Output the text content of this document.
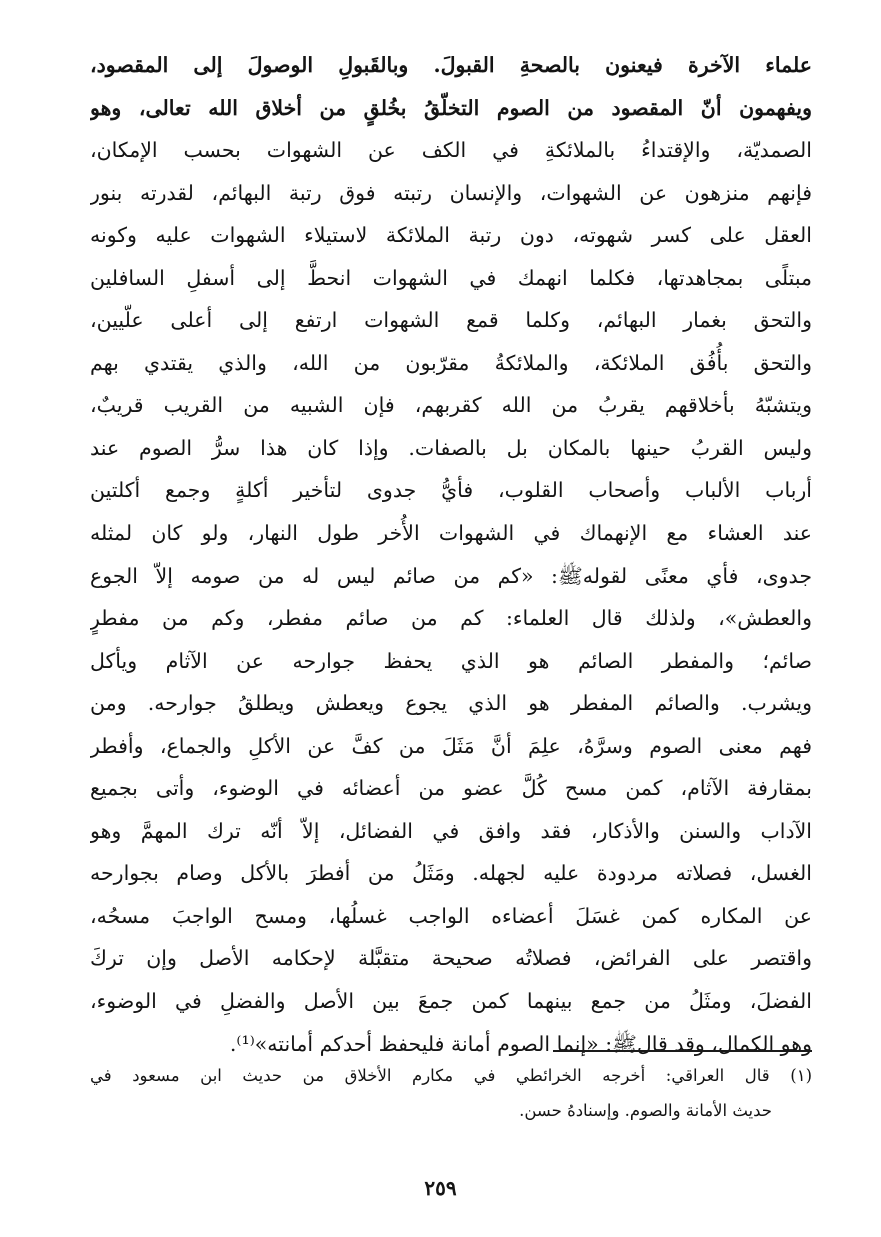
علماء الآخرة فيعنون بالصحةِ القبولَ. وبالقَبولِ الوصولَ إلى المقصود،
ويفهمون أنّ المقصود من الصوم التخلّقُ بخُلقٍ من أخلاق الله تعالى، وهو
الصمديّة، والإقتداءُ بالملائكةِ في الكف عن الشهوات بحسب الإمكان،
فإنهم منزهون عن الشهوات، والإنسان رتبته فوق رتبة البهائم، لقدرته بنور
العقل على كسر شهوته، دون رتبة الملائكة لاستيلاء الشهوات عليه وكونه
مبتلًى بمجاهدتها، فكلما انهمك في الشهوات انحطَّ إلى أسفلِ السافلين
والتحق بغمار البهائم، وكلما قمع الشهوات ارتفع إلى أعلى علّيين،
والتحق بأُفُق الملائكة، والملائكةُ مقرّبون من الله، والذي يقتدي بهم
ويتشبّهُ بأخلاقهم يقربُ من الله كقربهم، فإن الشبيه من القريب قريبٌ،
وليس القربُ حينها بالمكان بل بالصفات. وإذا كان هذا سرُّ الصوم عند
أرباب الألباب وأصحاب القلوب، فأيُّ جدوى لتأخير أكلةٍ وجمع أكلتين
عند العشاء مع الإنهماك في الشهوات الأُخر طول النهار، ولو كان لمثله
جدوى، فأي معنًى لقولهﷺ: «كم من صائم ليس له من صومه إلاّ الجوع
والعطش»، ولذلك قال العلماء: كم من صائم مفطر، وكم من مفطرٍ
صائم؛ والمفطر الصائم هو الذي يحفظ جوارحه عن الآثام ويأكل
ويشرب. والصائم المفطر هو الذي يجوع ويعطش ويطلقُ جوارحه. ومن
فهم معنى الصوم وسرَّهُ، علِمَ أنَّ مَثَلَ من كفَّ عن الأكلِ والجماع، وأفطر
بمقارفة الآثام، كمن مسح كُلَّ عضو من أعضائه في الوضوء، وأتى بجميع
الآداب والسنن والأذكار، فقد وافق في الفضائل، إلاّ أنّه ترك المهمَّ وهو
الغسل، فصلاته مردودة عليه لجهله. ومَثَلُ من أفطرَ بالأكل وصام بجوارحه
عن المكاره كمن غسَلَ أعضاءه الواجب غسلُها، ومسح الواجبَ مسحُه،
واقتصر على الفرائض، فصلاتُه صحيحة متقبَّلة لإحكامه الأصل وإن تركَ
الفضلَ، ومثَلُ من جمع بينهما كمن جمعَ بين الأصل والفضلِ في الوضوء،
وهو الكمال، وقد قالﷺ: «إنما الصوم أمانة فليحفظ أحدكم أمانته»⁽¹⁾.
(١) قال العراقي: أخرجه الخرائطي في مكارم الأخلاق من حديث ابن مسعود في
حديث الأمانة والصوم. وإسنادهُ حسن.
٢٥٩
